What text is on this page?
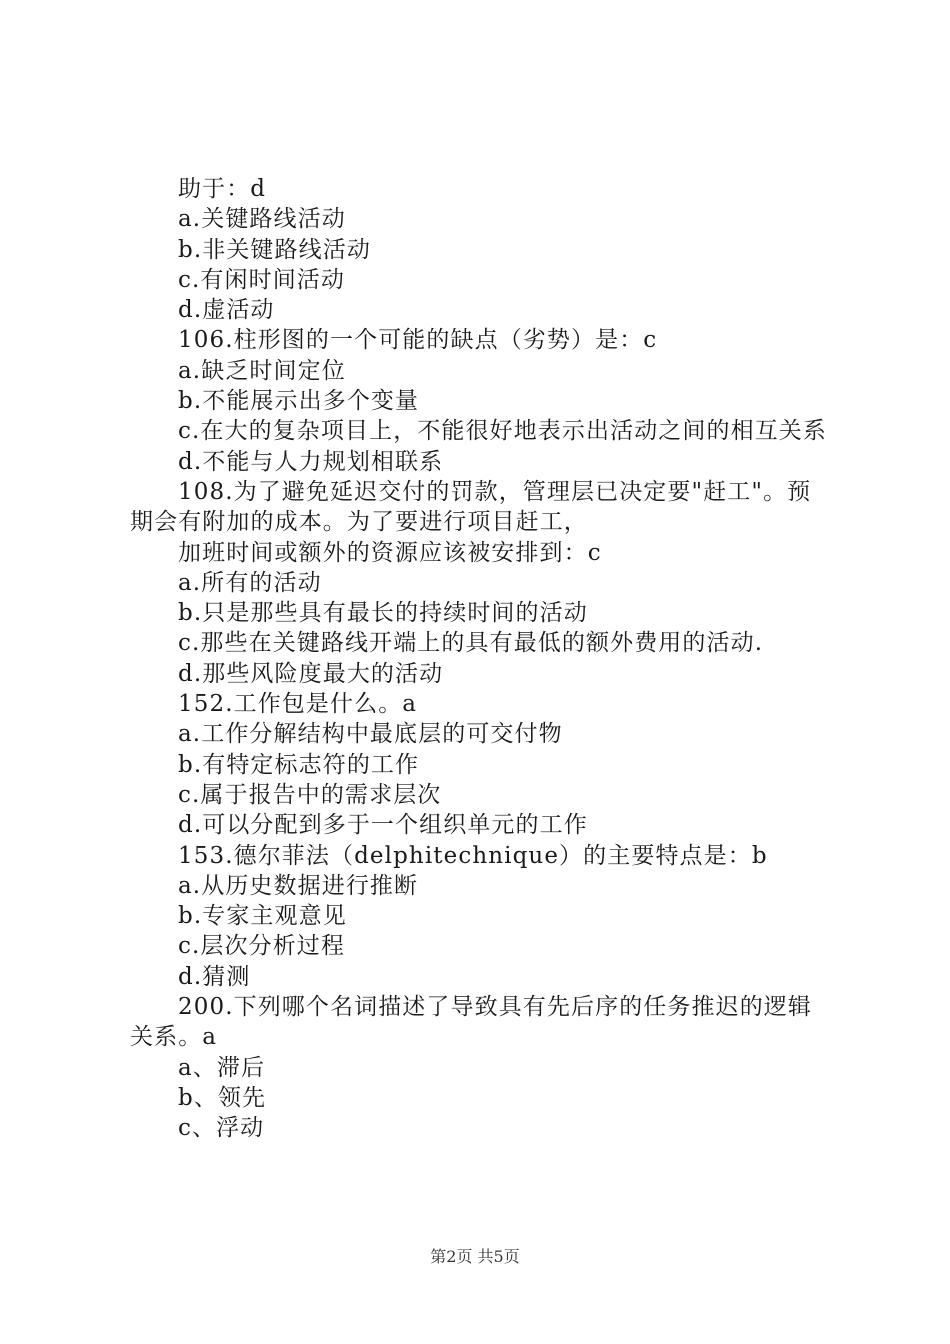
助于：d
a.关键路线活动
b.非关键路线活动
c.有闲时间活动
d.虚活动
106.柱形图的一个可能的缺点（劣势）是：c
a.缺乏时间定位
b.不能展示出多个变量
c.在大的复杂项目上，不能很好地表示出活动之间的相互关系
d.不能与人力规划相联系
108.为了避免延迟交付的罚款，管理层已决定要"赶工"。预期会有附加的成本。为了要进行项目赶工，
加班时间或额外的资源应该被安排到：c
a.所有的活动
b.只是那些具有最长的持续时间的活动
c.那些在关键路线开端上的具有最低的额外费用的活动.
d.那些风险度最大的活动
152.工作包是什么。a
a.工作分解结构中最底层的可交付物
b.有特定标志符的工作
c.属于报告中的需求层次
d.可以分配到多于一个组织单元的工作
153.德尔菲法（delphitechnique）的主要特点是：b
a.从历史数据进行推断
b.专家主观意见
c.层次分析过程
d.猜测
200.下列哪个名词描述了导致具有先后序的任务推迟的逻辑关系。a
a、滞后
b、领先
c、浮动
第2页 共5页
